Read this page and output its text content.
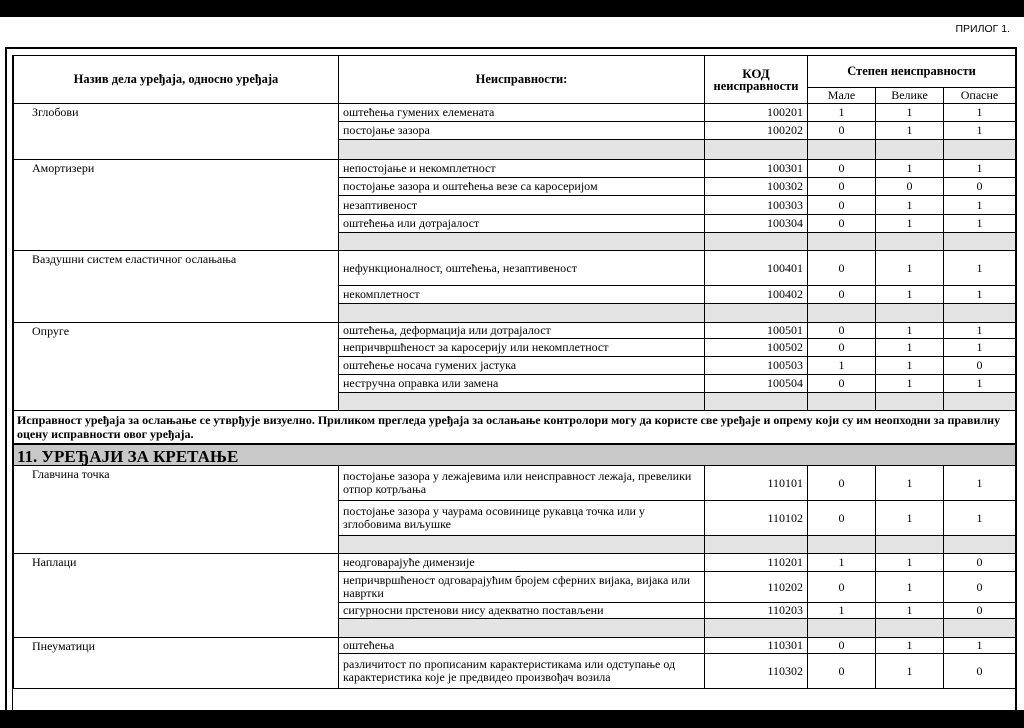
ПРИЛОГ 1.
Назив дела уређаја, односно уређаја	Неисправности:	КОД
неисправности	Степен неисправности		
			Мале	Велике	Опасне
Зглобови	оштећења гумених елемената	100201	1	1	1
	постојање зазора	100202	0	1	1

Амортизери	непостојање и некомплетност	100301	0	1	1
	постојање зазора и оштећења везе са каросеријом	100302	0	0	0
	незаптивеност	100303	0	1	1
	оштећења или дотрајалост	100304	0	1	1

Ваздушни систем еластичног ослањања	нефункционалност, оштећења, незаптивеност	100401	0	1	1
	некомплетност	100402	0	1	1

Опруге	оштећења, деформација или дотрајалост	100501	0	1	1
	непричвршћеност за каросерију или некомплетност	100502	0	1	1
	оштећење носача гумених јастука	100503	1	1	0
	нестручна оправка или замена	100504	0	1	1

Исправност уређаја за ослањање се утврђује визуелно. Приликом прегледа уређаја за ослањање контролори могу да користе све уређаје и опрему који су им неопходни за правилну оцену исправности овог уређаја.					
11. УРЕЂАЈИ ЗА КРЕТАЊЕ					
Главчина точка	постојање зазора у лежајевима или неисправност лежаја, превелики отпор котрљања	110101	0	1	1
	постојање зазора у чаурама осовинице рукавца точка или у зглобовима виљушке	110102	0	1	1

Наплаци	неодговарајуће димензије	110201	1	1	0
	непричвршћеност одговарајућим бројем сферних вијака, вијака или навртки	110202	0	1	0
	сигурносни прстенови нису адекватно постављени	110203	1	1	0

Пнеуматици	оштећења	110301	0	1	1
	различитост по прописаним карактеристикама или одступање од карактеристика које је предвидео произвођач возила	110302	0	1	0
